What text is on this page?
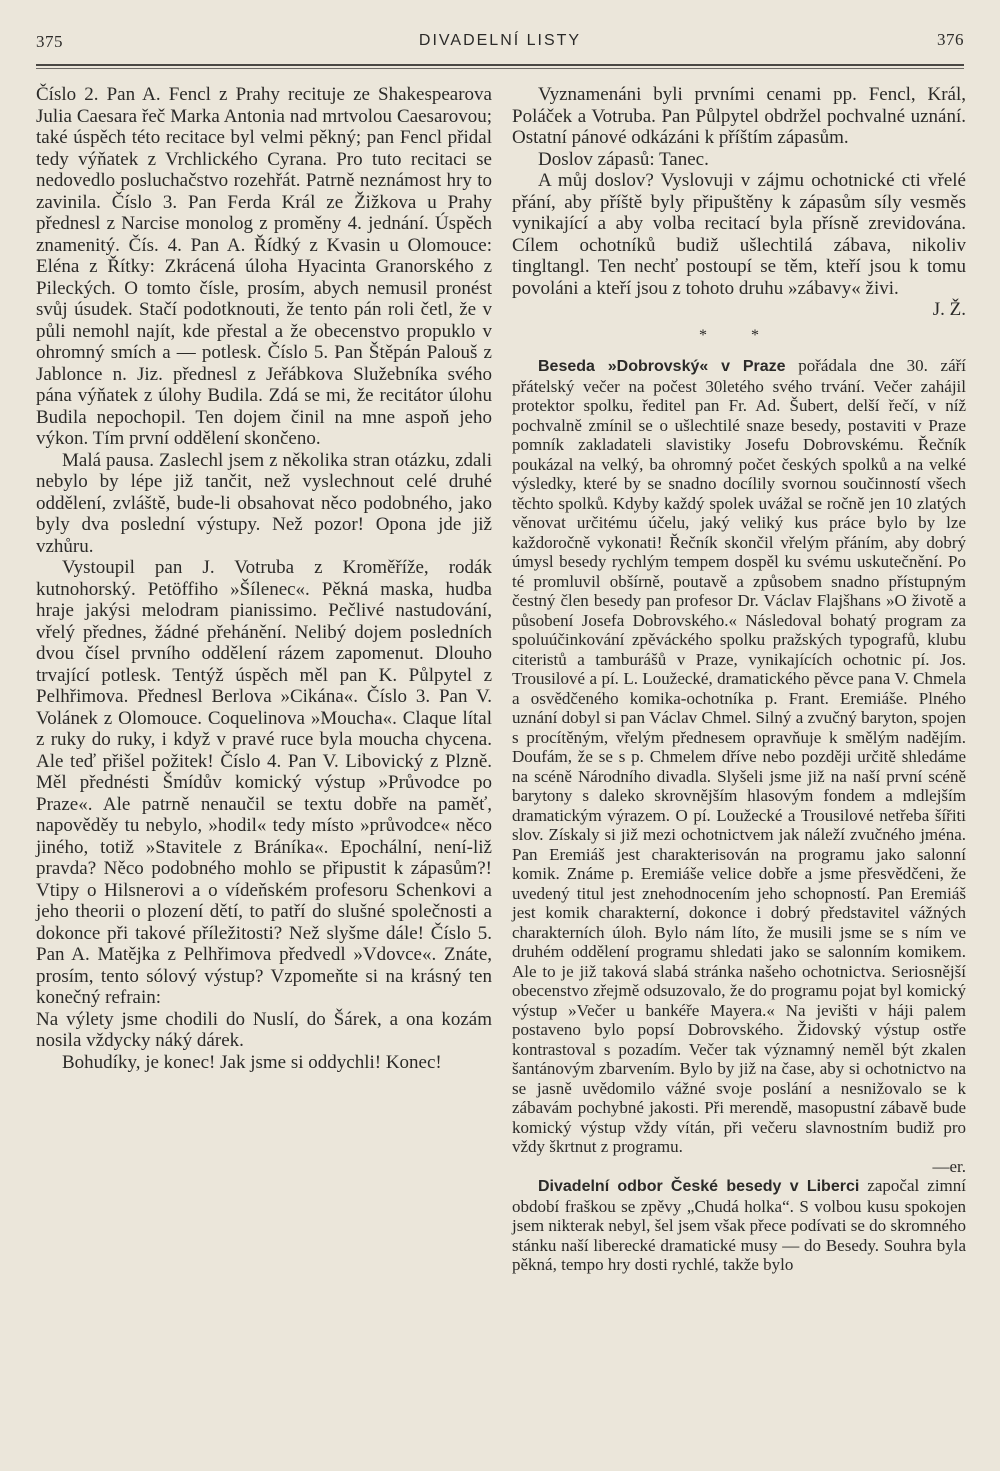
375	DIVADELNÍ LISTY	376

Číslo 2. Pan A. Fencl z Prahy recituje ze Shakespearova Julia Caesara řeč Marka Antonia nad mrtvolou Caesarovou; také úspěch této recitace byl velmi pěkný; pan Fencl přidal tedy výňatek z Vrchlického Cyrana. Pro tuto recitaci se nedovedlo posluchačstvo rozehřát. Patrně neznámost hry to zavinila. Číslo 3. Pan Ferda Král ze Žižkova u Prahy přednesl z Narcise monolog z proměny 4. jednání. Úspěch znamenitý. Čís. 4. Pan A. Řídký z Kvasin u Olomouce: Eléna z Řítky: Zkrácená úloha Hyacinta Granorského z Pileckých. O tomto čísle, prosím, abych nemusil pronést svůj úsudek. Stačí podotknouti, že tento pán roli četl, že v půli nemohl najít, kde přestal a že obecenstvo propuklo v ohromný smích a — potlesk. Číslo 5. Pan Štěpán Palouš z Jablonce n. Jiz. přednesl z Jeřábkova Služebníka svého pána výňatek z úlohy Budila. Zdá se mi, že recitátor úlohu Budila nepochopil. Ten dojem činil na mne aspoň jeho výkon. Tím první oddělení skončeno.

Malá pausa. Zaslechl jsem z několika stran otázku, zdali nebylo by lépe již tančit, než vyslechnout celé druhé oddělení, zvláště, bude-li obsahovat něco podobného, jako byly dva poslední výstupy. Než pozor! Opona jde již vzhůru.

Vystoupil pan J. Votruba z Kroměříže, rodák kutnohorský. Petöffiho »Šílenec«. Pěkná maska, hudba hraje jakýsi melodram pianissimo. Pečlivé nastudování, vřelý přednes, žádné přehánění. Nelibý dojem posledních dvou čísel prvního oddělení rázem zapomenut. Dlouho trvající potlesk. Tentýž úspěch měl pan K. Půlpytel z Pelhřimova. Přednesl Berlova »Cikána«. Číslo 3. Pan V. Volánek z Olomouce. Coquelinova »Moucha«. Claque lítal z ruky do ruky, i když v pravé ruce byla moucha chycena. Ale teď přišel požitek! Číslo 4. Pan V. Libovický z Plzně. Měl přednésti Šmídův komický výstup »Průvodce po Praze«. Ale patrně nenaučil se textu dobře na paměť, napověděy tu nebylo, »hodil« tedy místo »průvodce« něco jiného, totiž »Stavitele z Bráníka«. Epochální, není-liž pravda? Něco podobného mohlo se připustit k zápasům?! Vtipy o Hilsnerovi a o vídeňském profesoru Schenkovi a jeho theorii o plození dětí, to patří do slušné společnosti a dokonce při takové příležitosti? Než slyšme dále! Číslo 5. Pan A. Matějka z Pelhřimova předvedl »Vdovce«. Znáte, prosím, tento sólový výstup? Vzpomeňte si na krásný ten konečný refrain:

Na výlety jsme chodili do Nuslí, do Šárek, a ona kozám nosila vždycky náký dárek.

Bohudíky, je konec! Jak jsme si oddychli! Konec!

Vyznamenáni byli prvními cenami pp. Fencl, Král, Poláček a Votruba. Pan Půlpytel obdržel pochvalné uznání. Ostatní pánové odkázáni k příštím zápasům.

Doslov zápasů: Tanec.

A můj doslov? Vyslovuji v zájmu ochotnické cti vřelé přání, aby příště byly připuštěny k zápasům síly vesměs vynikající a aby volba recitací byla přísně zrevidována. Cílem ochotníků budiž ušlechtilá zábava, nikoliv tingltangl. Ten nechť postoupí se těm, kteří jsou k tomu povoláni a kteří jsou z tohoto druhu »zábavy« živi.

J. Ž.

* *

Beseda »Dobrovský« v Praze pořádala dne 30. září přátelský večer na počest 30letého svého trvání. Večer zahájil protektor spolku, ředitel pan Fr. Ad. Šubert, delší řečí, v níž pochvalně zmínil se o ušlechtilé snaze besedy, postaviti v Praze pomník zakladateli slavistiky Josefu Dobrovskému. Řečník poukázal na velký, ba ohromný počet českých spolků a na velké výsledky, které by se snadno docílily svornou součinností všech těchto spolků. Kdyby každý spolek uvážal se ročně jen 10 zlatých věnovat určitému účelu, jaký veliký kus práce bylo by lze každoročně vykonati! Řečník skončil vřelým přáním, aby dobrý úmysl besedy rychlým tempem dospěl ku svému uskutečnění. Po té promluvil obšírně, poutavě a způsobem snadno přístupným čestný člen besedy pan profesor Dr. Václav Flajšhans »O životě a působení Josefa Dobrovského.« Následoval bohatý program za spoluúčinkování zpěváckého spolku pražských typografů, klubu citeristů a tamburášů v Praze, vynikajících ochotnic pí. Jos. Trousilové a pí. L. Loužecké, dramatického pěvce pana V. Chmela a osvědčeného komika-ochotníka p. Frant. Eremiáše. Plného uznání dobyl si pan Václav Chmel. Silný a zvučný baryton, spojen s procítěným, vřelým přednesem opravňuje k smělým nadějím. Doufám, že se s p. Chmelem dříve nebo později určitě shledáme na scéně Národního divadla. Slyšeli jsme již na naší první scéně barytony s daleko skrovnějším hlasovým fondem a mdlejším dramatickým výrazem. O pí. Loužecké a Trousilové netřeba šířiti slov. Získaly si již mezi ochotnictvem jak náleží zvučného jména. Pan Eremiáš jest charakterisován na programu jako salonní komik. Známe p. Eremiáše velice dobře a jsme přesvědčeni, že uvedený titul jest znehodnocením jeho schopností. Pan Eremiáš jest komik charakterní, dokonce i dobrý představitel vážných charakterních úloh. Bylo nám líto, že musili jsme se s ním ve druhém oddělení programu shledati jako se salonním komikem. Ale to je již taková slabá stránka našeho ochotnictva. Seriosnější obecenstvo zřejmě odsuzovalo, že do programu pojat byl komický výstup »Večer u bankéře Mayera.« Na jevišti v háji palem postaveno bylo popsí Dobrovského. Židovský výstup ostře kontrastoval s pozadím. Večer tak významný neměl být zkalen šantánovým zbarvením. Bylo by již na čase, aby si ochotnictvo na se jasně uvědomilo vážné svoje poslání a nesnižovalo se k zábavám pochybné jakosti. Při merendě, masopustní zábavě bude komický výstup vždy vítán, při večeru slavnostním budiž pro vždy škrtnut z programu.

—er.

Divadelní odbor České besedy v Liberci započal zimní období fraškou se zpěvy „Chudá holka“. S volbou kusu spokojen jsem nikterak nebyl, šel jsem však přece podívati se do skromného stánku naší liberecké dramatické musy — do Besedy. Souhra byla pěkná, tempo hry dosti rychlé, takže bylo
